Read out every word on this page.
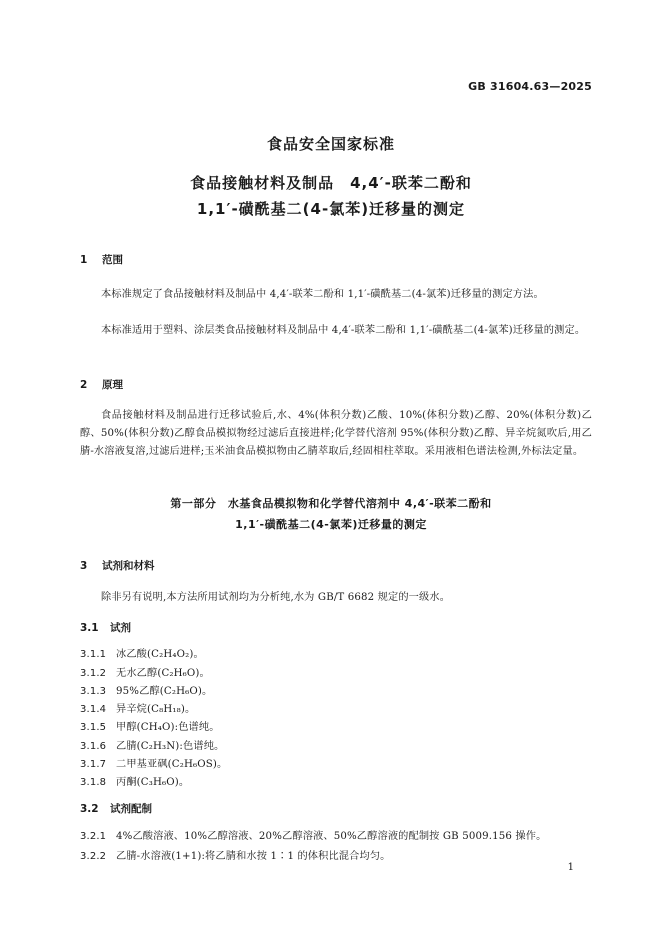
GB 31604.63—2025
食品安全国家标准
食品接触材料及制品　4,4′-联苯二酚和
1,1′-磺酰基二(4-氯苯)迁移量的测定
1 范围
本标准规定了食品接触材料及制品中 4,4′-联苯二酚和 1,1′-磺酰基二(4-氯苯)迁移量的测定方法。
本标准适用于塑料、涂层类食品接触材料及制品中 4,4′-联苯二酚和 1,1′-磺酰基二(4-氯苯)迁移量的测定。
2 原理
食品接触材料及制品进行迁移试验后,水、4%(体积分数)乙酸、10%(体积分数)乙醇、20%(体积分数)乙醇、50%(体积分数)乙醇食品模拟物经过滤后直接进样;化学替代溶剂 95%(体积分数)乙醇、异辛烷氮吹后,用乙腈-水溶液复溶,过滤后进样;玉米油食品模拟物由乙腈萃取后,经固相柱萃取。采用液相色谱法检测,外标法定量。
第一部分　水基食品模拟物和化学替代溶剂中 4,4′-联苯二酚和
1,1′-磺酰基二(4-氯苯)迁移量的测定
3 试剂和材料
除非另有说明,本方法所用试剂均为分析纯,水为 GB/T 6682 规定的一级水。
3.1 试剂
3.1.1 冰乙酸(C₂H₄O₂)。
3.1.2 无水乙醇(C₂H₆O)。
3.1.3 95%乙醇(C₂H₆O)。
3.1.4 异辛烷(C₈H₁₈)。
3.1.5 甲醇(CH₄O):色谱纯。
3.1.6 乙腈(C₂H₃N):色谱纯。
3.1.7 二甲基亚砜(C₂H₆OS)。
3.1.8 丙酮(C₃H₆O)。
3.2 试剂配制
3.2.1 4%乙酸溶液、10%乙醇溶液、20%乙醇溶液、50%乙醇溶液的配制按 GB 5009.156 操作。
3.2.2 乙腈-水溶液(1+1):将乙腈和水按 1∶1 的体积比混合均匀。
1
